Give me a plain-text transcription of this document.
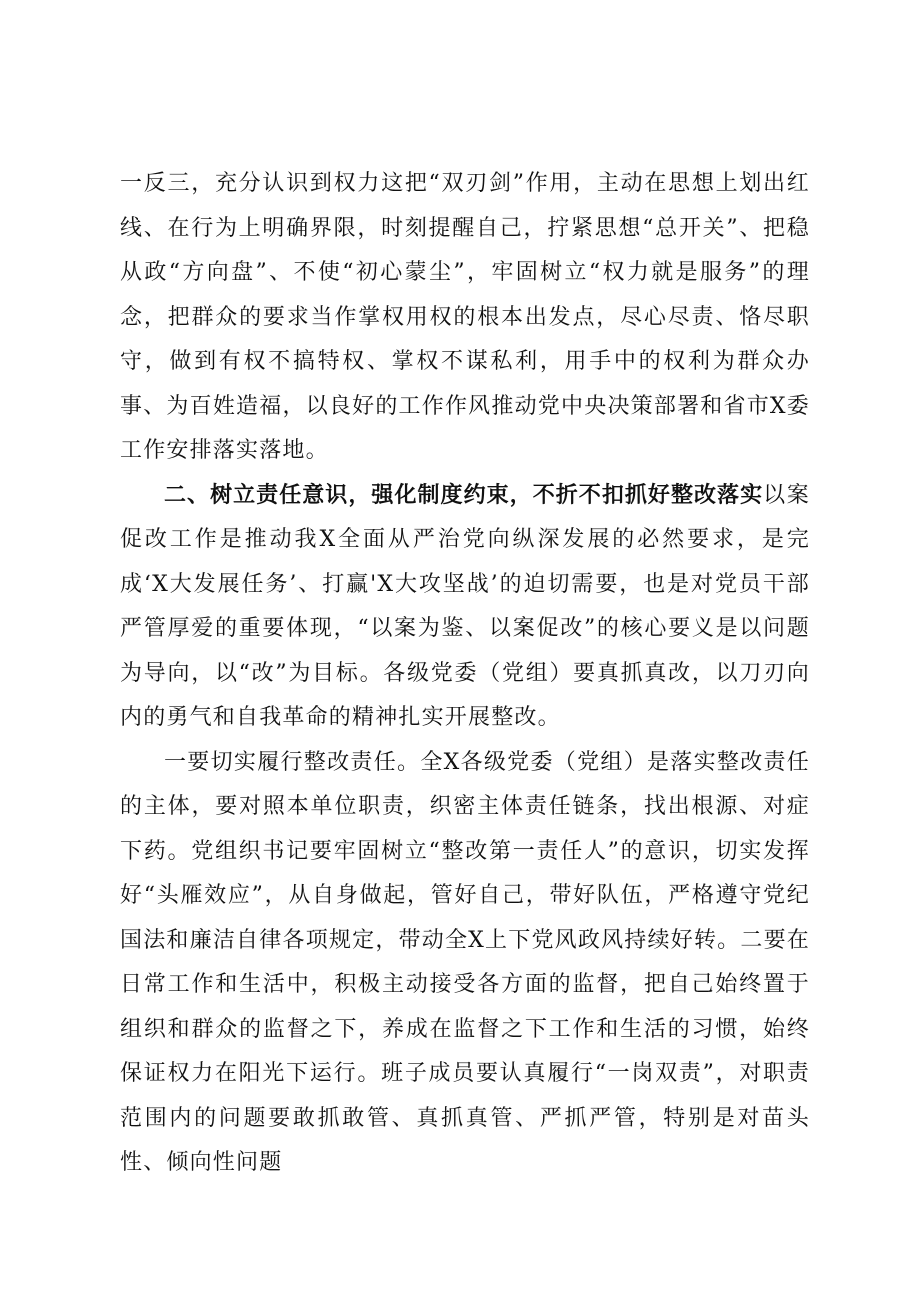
一反三，充分认识到权力这把“双刃剑”作用，主动在思想上划出红线、在行为上明确界限，时刻提醒自己，拧紧思想“总开关”、把稳从政“方向盘”、不使“初心蒙尘”，牢固树立“权力就是服务”的理念，把群众的要求当作掌权用权的根本出发点，尽心尽责、恪尽职守，做到有权不搞特权、掌权不谋私利，用手中的权利为群众办事、为百姓造福，以良好的工作作风推动党中央决策部署和省市X委工作安排落实落地。

二、树立责任意识，强化制度约束，不折不扣抓好整改落实以案促改工作是推动我X全面从严治党向纵深发展的必然要求，是完成‘X大发展任务’、打赢'X大攻坚战’的迫切需要，也是对党员干部严管厚爱的重要体现，“以案为鉴、以案促改”的核心要义是以问题为导向，以“改”为目标。各级党委（党组）要真抓真改，以刀刃向内的勇气和自我革命的精神扎实开展整改。

一要切实履行整改责任。全X各级党委（党组）是落实整改责任的主体，要对照本单位职责，织密主体责任链条，找出根源、对症下药。党组织书记要牢固树立“整改第一责任人”的意识，切实发挥好“头雁效应”，从自身做起，管好自己，带好队伍，严格遵守党纪国法和廉洁自律各项规定，带动全X上下党风政风持续好转。二要在日常工作和生活中，积极主动接受各方面的监督，把自己始终置于组织和群众的监督之下，养成在监督之下工作和生活的习惯，始终保证权力在阳光下运行。班子成员要认真履行“一岗双责”，对职责范围内的问题要敢抓敢管、真抓真管、严抓严管，特别是对苗头性、倾向性问题
